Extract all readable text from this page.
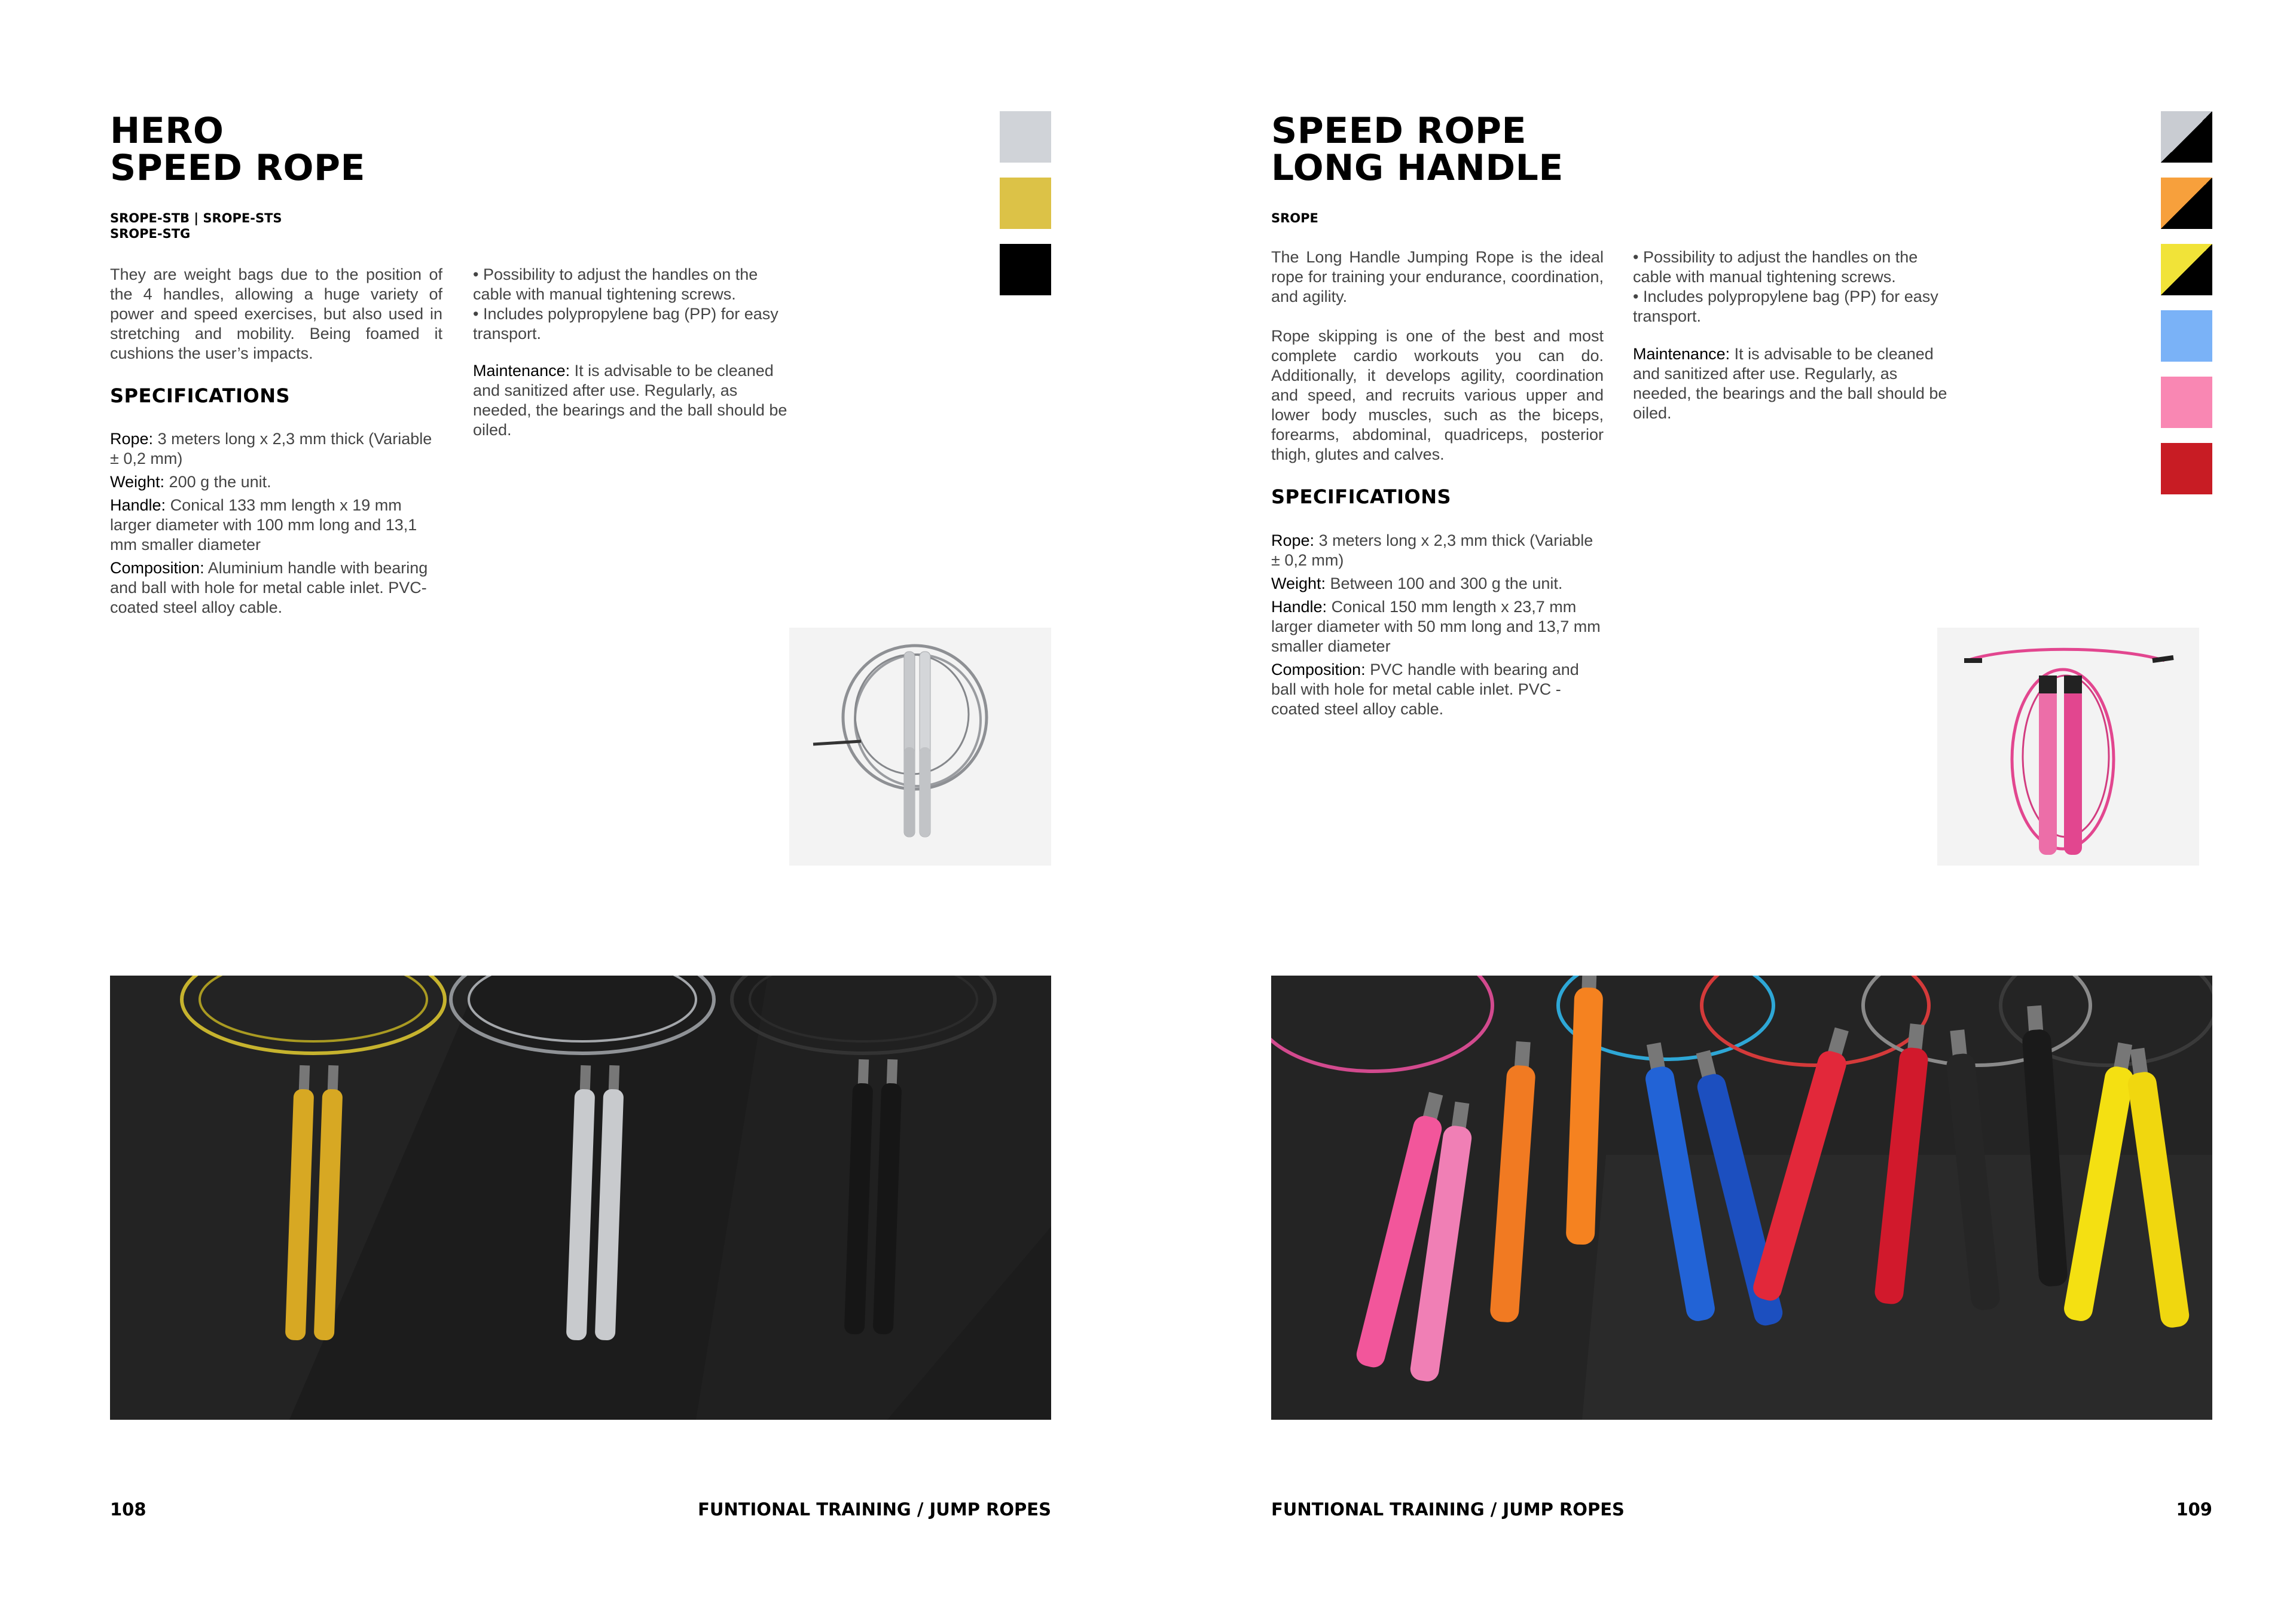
HERO
SPEED ROPE
SROPE-STB | SROPE-STS
SROPE-STG
They are weight bags due to the position of the 4 handles, allowing a huge variety of power and speed exercises, but also used in stretching and mobility. Being foamed it cushions the user’s impacts.
SPECIFICATIONS
Rope: 3 meters long x 2,3 mm thick (Variable ± 0,2 mm)
Weight: 200 g the unit.
Handle: Conical 133 mm length x 19 mm larger diameter with 100 mm long and 13,1 mm smaller diameter
Composition: Aluminium handle with bearing and ball with hole for metal cable inlet. PVC-coated steel alloy cable.
• Possibility to adjust the handles on the cable with manual tightening screws.
• Includes polypropylene bag (PP) for easy transport.
Maintenance: It is advisable to be cleaned and sanitized after use. Regularly, as needed, the bearings and the ball should be oiled.
108	FUNTIONAL TRAINING / JUMP ROPES
SPEED ROPE
LONG HANDLE
SROPE
The Long Handle Jumping Rope is the ideal rope for training your endurance, coordination, and agility.
Rope skipping is one of the best and most complete cardio workouts you can do. Additionally, it develops agility, coordination and speed, and recruits various upper and lower body muscles, such as the biceps, forearms, abdominal, quadriceps, posterior thigh, glutes and calves.
SPECIFICATIONS
Rope: 3 meters long x 2,3 mm thick (Variable ± 0,2 mm)
Weight: Between 100 and 300 g the unit.
Handle: Conical 150 mm length x 23,7 mm larger diameter with 50 mm long and 13,7 mm smaller diameter
Composition: PVC handle with bearing and ball with hole for metal cable inlet. PVC - coated steel alloy cable.
• Possibility to adjust the handles on the cable with manual tightening screws.
• Includes polypropylene bag (PP) for easy transport.
Maintenance: It is advisable to be cleaned and sanitized after use. Regularly, as needed, the bearings and the ball should be oiled.
FUNTIONAL TRAINING / JUMP ROPES	109
